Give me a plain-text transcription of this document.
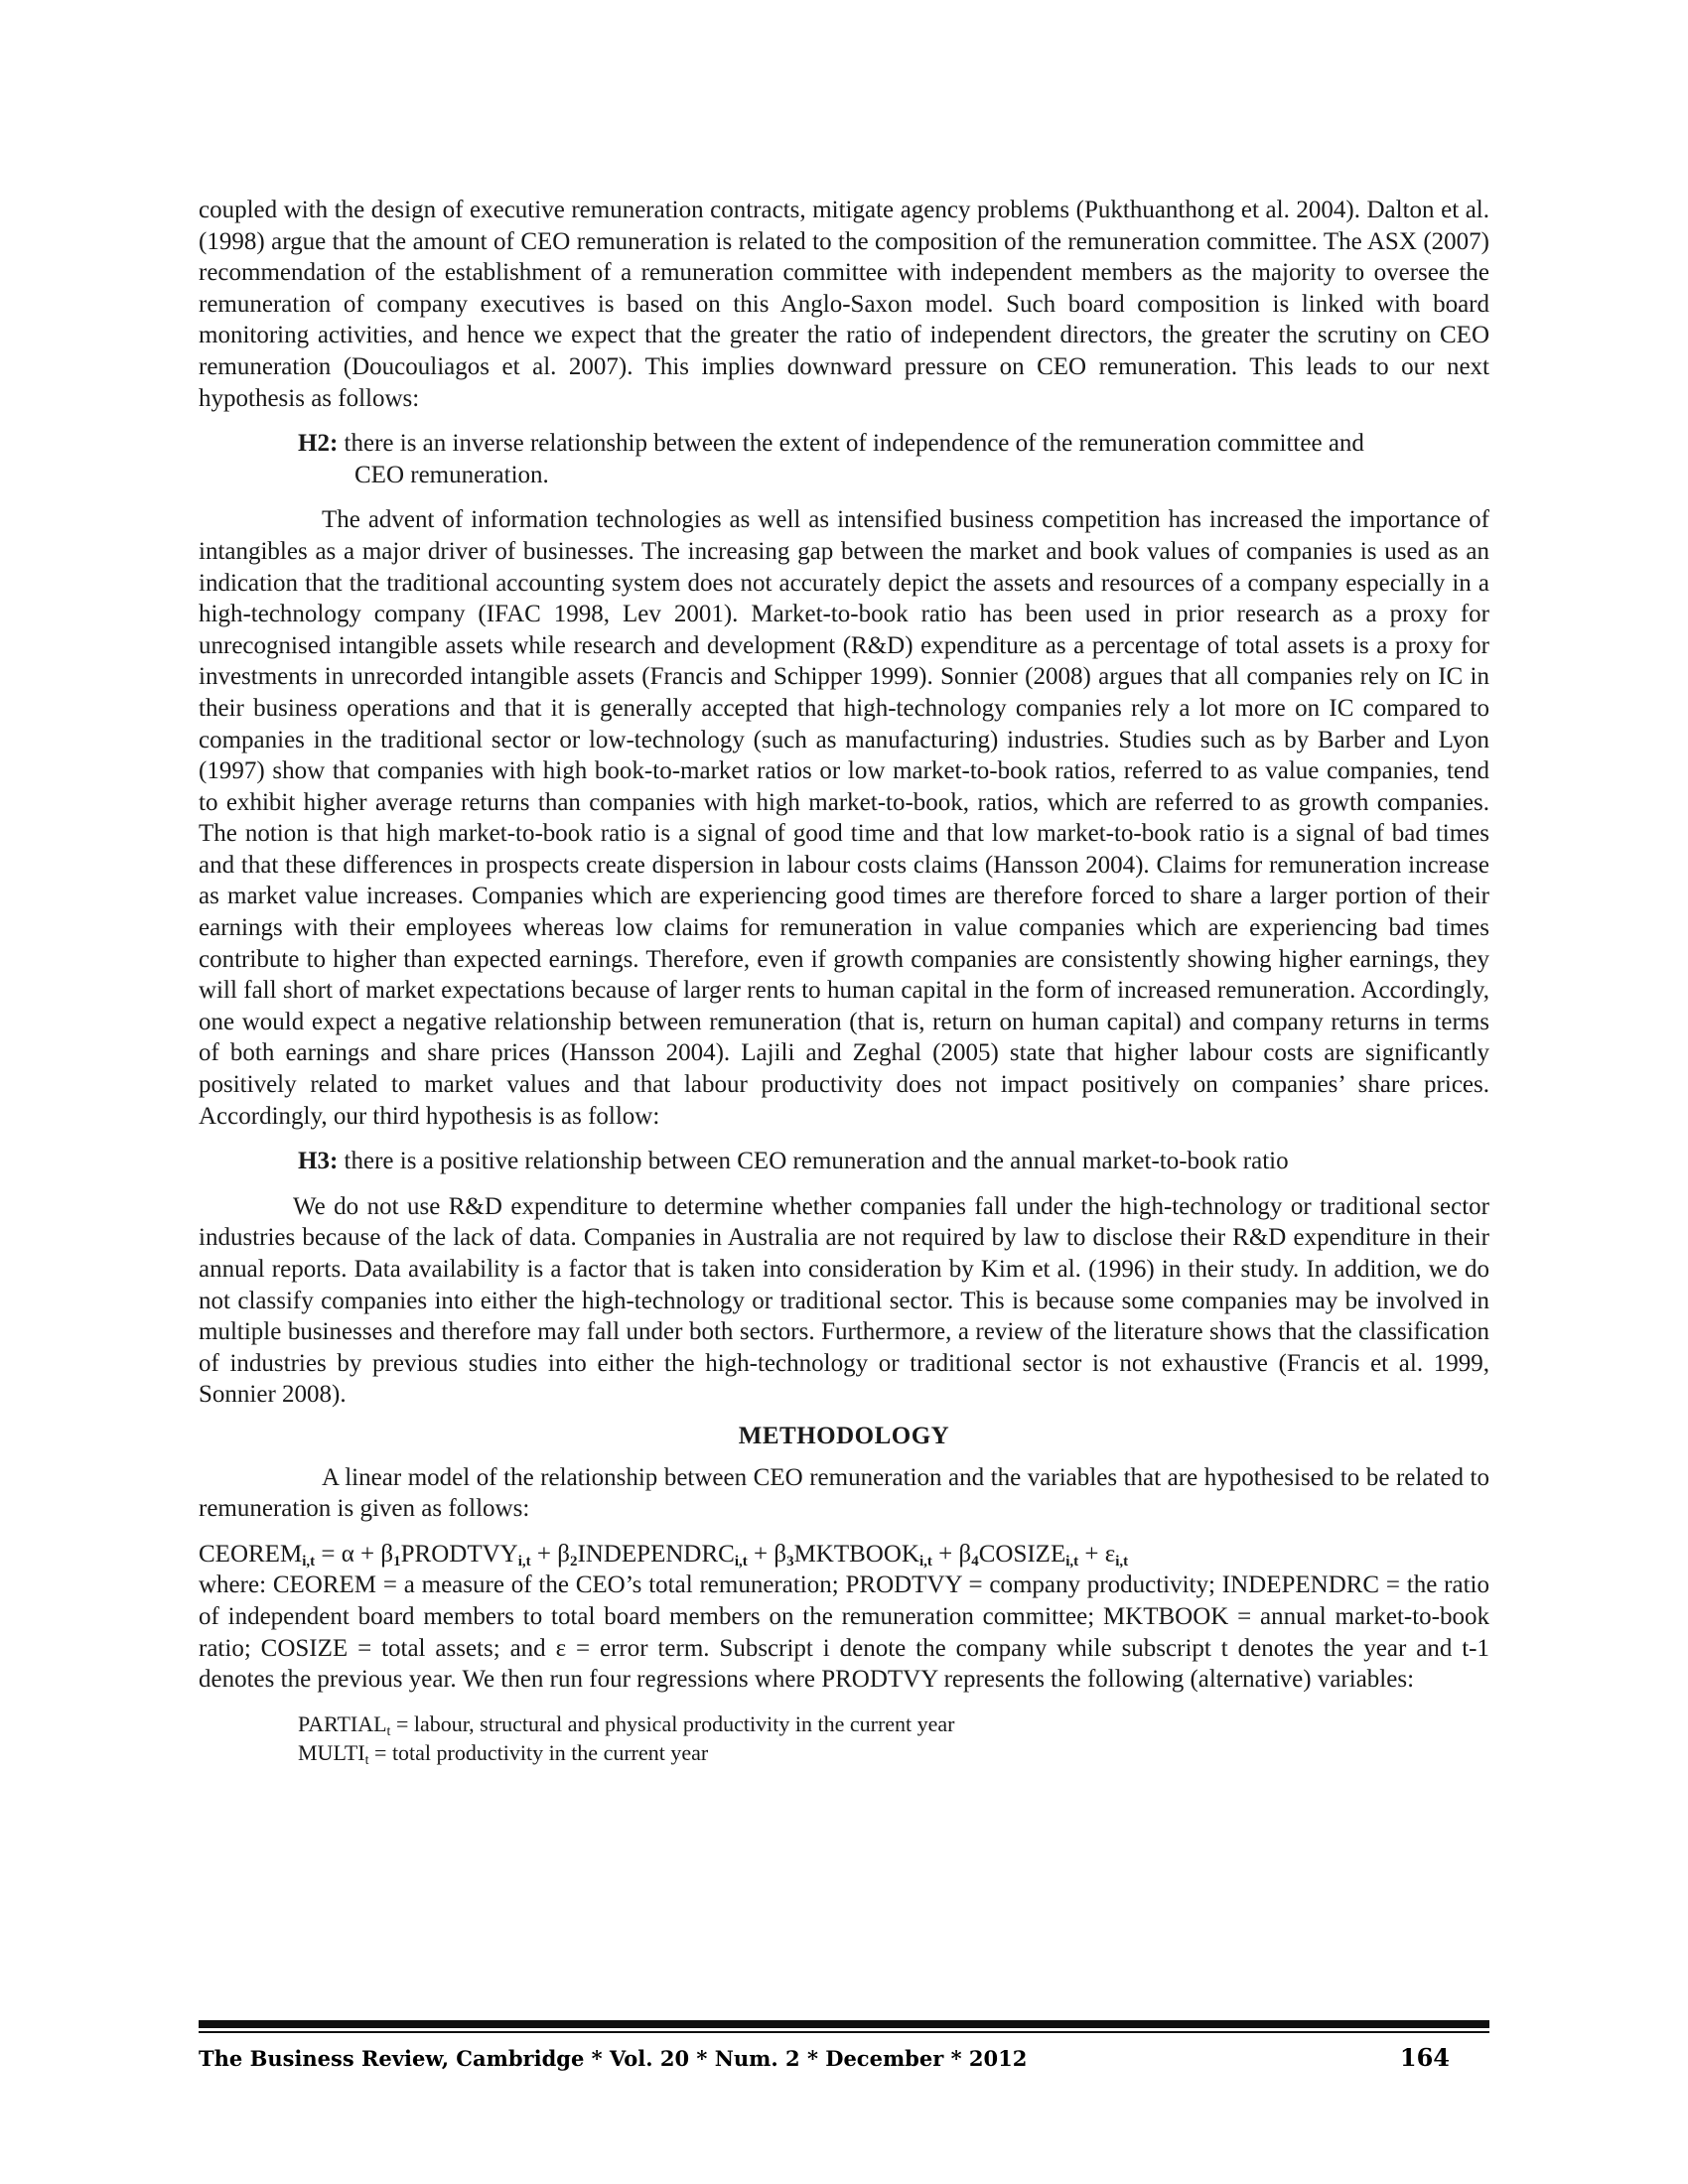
coupled with the design of executive remuneration contracts, mitigate agency problems (Pukthuanthong et al. 2004). Dalton et al. (1998) argue that the amount of CEO remuneration is related to the composition of the remuneration committee. The ASX (2007) recommendation of the establishment of a remuneration committee with independent members as the majority to oversee the remuneration of company executives is based on this Anglo-Saxon model. Such board composition is linked with board monitoring activities, and hence we expect that the greater the ratio of independent directors, the greater the scrutiny on CEO remuneration (Doucouliagos et al. 2007). This implies downward pressure on CEO remuneration. This leads to our next hypothesis as follows:

H2: there is an inverse relationship between the extent of independence of the remuneration committee and
CEO remuneration.

The advent of information technologies as well as intensified business competition has increased the importance of intangibles as a major driver of businesses. The increasing gap between the market and book values of companies is used as an indication that the traditional accounting system does not accurately depict the assets and resources of a company especially in a high-technology company (IFAC 1998, Lev 2001). Market-to-book ratio has been used in prior research as a proxy for unrecognised intangible assets while research and development (R&D) expenditure as a percentage of total assets is a proxy for investments in unrecorded intangible assets (Francis and Schipper 1999). Sonnier (2008) argues that all companies rely on IC in their business operations and that it is generally accepted that high-technology companies rely a lot more on IC compared to companies in the traditional sector or low-technology (such as manufacturing) industries. Studies such as by Barber and Lyon (1997) show that companies with high book-to-market ratios or low market-to-book ratios, referred to as value companies, tend to exhibit higher average returns than companies with high market-to-book, ratios, which are referred to as growth companies. The notion is that high market-to-book ratio is a signal of good time and that low market-to-book ratio is a signal of bad times and that these differences in prospects create dispersion in labour costs claims (Hansson 2004). Claims for remuneration increase as market value increases. Companies which are experiencing good times are therefore forced to share a larger portion of their earnings with their employees whereas low claims for remuneration in value companies which are experiencing bad times contribute to higher than expected earnings. Therefore, even if growth companies are consistently showing higher earnings, they will fall short of market expectations because of larger rents to human capital in the form of increased remuneration. Accordingly, one would expect a negative relationship between remuneration (that is, return on human capital) and company returns in terms of both earnings and share prices (Hansson 2004). Lajili and Zeghal (2005) state that higher labour costs are significantly positively related to market values and that labour productivity does not impact positively on companies’ share prices. Accordingly, our third hypothesis is as follow:

H3: there is a positive relationship between CEO remuneration and the annual market-to-book ratio

We do not use R&D expenditure to determine whether companies fall under the high-technology or traditional sector industries because of the lack of data. Companies in Australia are not required by law to disclose their R&D expenditure in their annual reports. Data availability is a factor that is taken into consideration by Kim et al. (1996) in their study. In addition, we do not classify companies into either the high-technology or traditional sector. This is because some companies may be involved in multiple businesses and therefore may fall under both sectors. Furthermore, a review of the literature shows that the classification of industries by previous studies into either the high-technology or traditional sector is not exhaustive (Francis et al. 1999, Sonnier 2008).

METHODOLOGY

A linear model of the relationship between CEO remuneration and the variables that are hypothesised to be related to remuneration is given as follows:

$CEOREM_{i,t} = \alpha$ + $\beta_1PRODTVY_{i,t}$ + $\beta_2INDEPENDRC_{i,t}$ + $\beta_3MKTBOOK_{i,t}$ + $\beta_4COSIZE_{i,t} + \varepsilon_{i,t}$

where: CEOREM = a measure of the CEO’s total remuneration; PRODTVY = company productivity; INDEPENDRC = the ratio of independent board members to total board members on the remuneration committee; MKTBOOK = annual market-to-book ratio; COSIZE = total assets; and ε = error term. Subscript i denote the company while subscript t denotes the year and t-1 denotes the previous year. We then run four regressions where PRODTVY represents the following (alternative) variables:

$PARTIAL_t$ = labour, structural and physical productivity in the current year
$MULTI_t$ = total productivity in the current year
The Business Review, Cambridge * Vol. 20 * Num. 2 * December * 2012	164
